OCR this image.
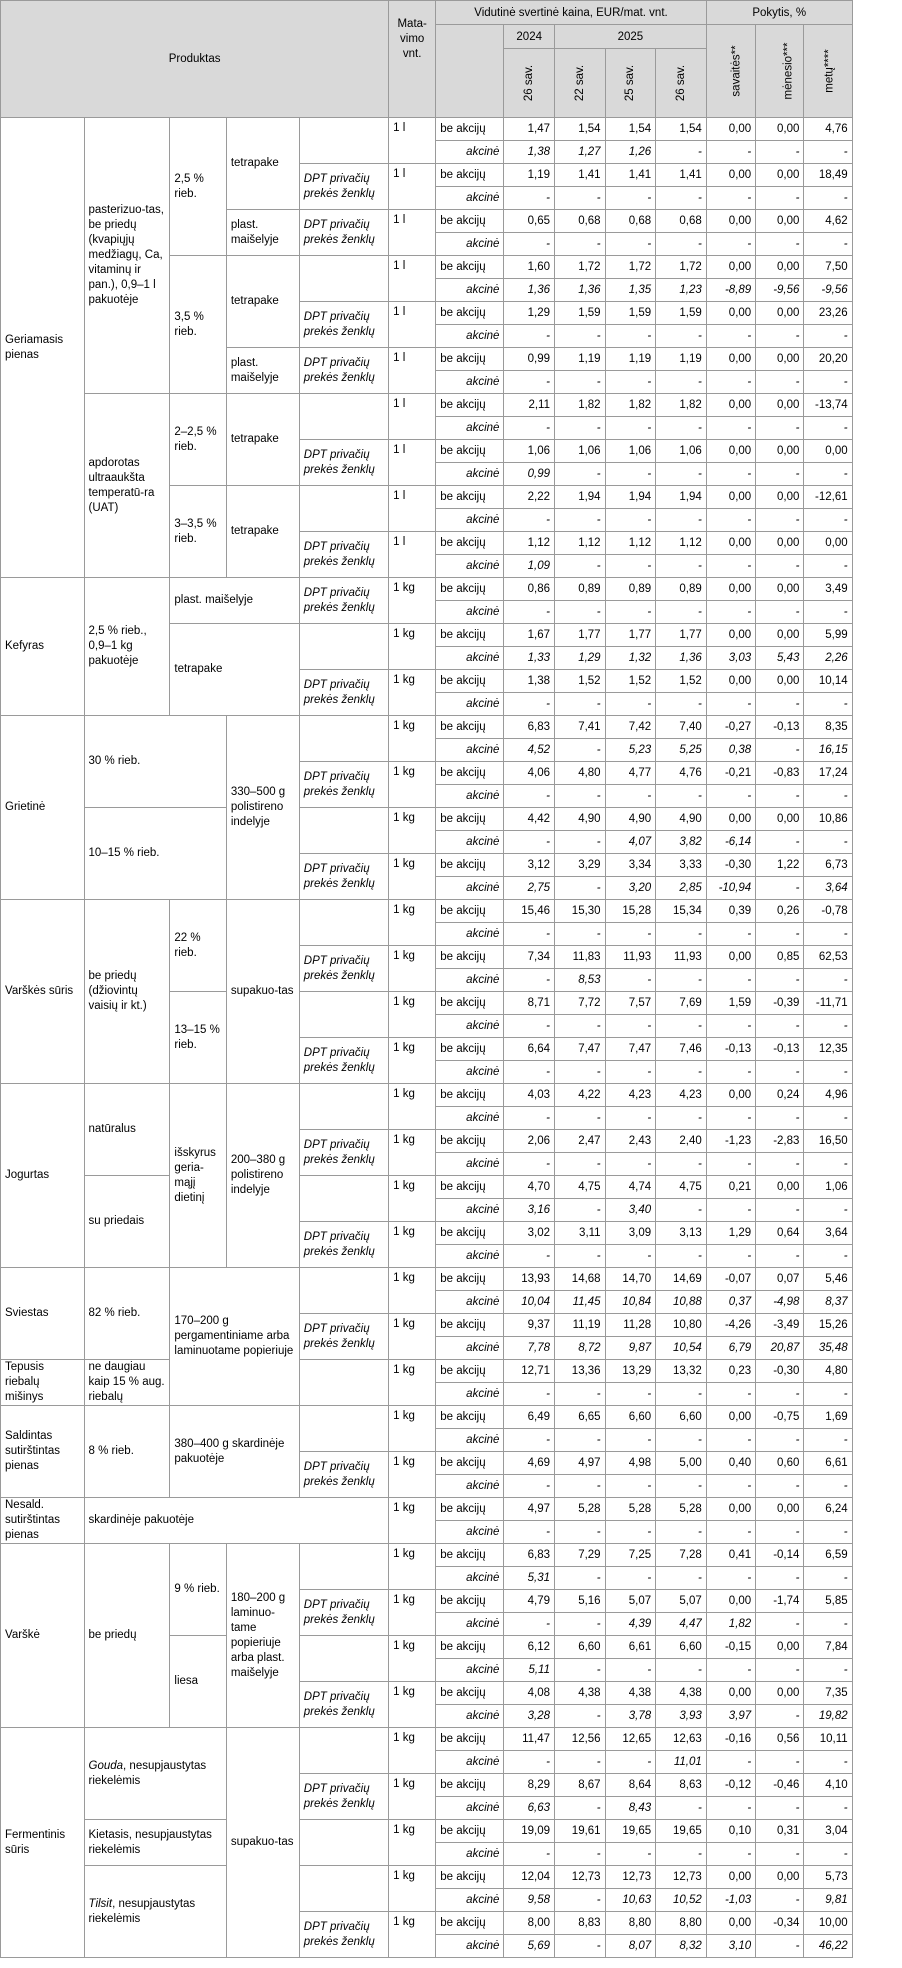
Produktas					Mata-vimo vnt.	Vidutinė svertinė kaina, EUR/mat. vnt.					Pokytis, %		
							2024	2025			savaitės**	mėnesio***	metų****
							26 sav.	22 sav.	25 sav.	26 sav.			
Geriamasis pienas	pasterizuo-tas, be priedų (kvapiųjų medžiagų, Ca, vitaminų ir pan.), 0,9–1 l pakuotėje	2,5 % rieb.	tetrapake		1 l	be akcijų	1,47	1,54	1,54	1,54	0,00	0,00	4,76
						akcinė	1,38	1,27	1,26	-	-	-	-
				DPT privačių prekės ženklų	1 l	be akcijų	1,19	1,41	1,41	1,41	0,00	0,00	18,49
						akcinė	-	-	-	-	-	-	-
			plast. maišelyje	DPT privačių prekės ženklų	1 l	be akcijų	0,65	0,68	0,68	0,68	0,00	0,00	4,62
						akcinė	-	-	-	-	-	-	-
		3,5 % rieb.	tetrapake		1 l	be akcijų	1,60	1,72	1,72	1,72	0,00	0,00	7,50
						akcinė	1,36	1,36	1,35	1,23	-8,89	-9,56	-9,56
				DPT privačių prekės ženklų	1 l	be akcijų	1,29	1,59	1,59	1,59	0,00	0,00	23,26
						akcinė	-	-	-	-	-	-	-
			plast. maišelyje	DPT privačių prekės ženklų	1 l	be akcijų	0,99	1,19	1,19	1,19	0,00	0,00	20,20
						akcinė	-	-	-	-	-	-	-
	apdorotas ultraaukšta temperatū-ra (UAT)	2–2,5 % rieb.	tetrapake		1 l	be akcijų	2,11	1,82	1,82	1,82	0,00	0,00	-13,74
						akcinė	-	-	-	-	-	-	-
				DPT privačių prekės ženklų	1 l	be akcijų	1,06	1,06	1,06	1,06	0,00	0,00	0,00
						akcinė	0,99	-	-	-	-	-	-
		3–3,5 % rieb.	tetrapake		1 l	be akcijų	2,22	1,94	1,94	1,94	0,00	0,00	-12,61
						akcinė	-	-	-	-	-	-	-
				DPT privačių prekės ženklų	1 l	be akcijų	1,12	1,12	1,12	1,12	0,00	0,00	0,00
						akcinė	1,09	-	-	-	-	-	-
Kefyras	2,5 % rieb., 0,9–1 kg pakuotėje	plast. maišelyje		DPT privačių prekės ženklų	1 kg	be akcijų	0,86	0,89	0,89	0,89	0,00	0,00	3,49
						akcinė	-	-	-	-	-	-	-
		tetrapake			1 kg	be akcijų	1,67	1,77	1,77	1,77	0,00	0,00	5,99
						akcinė	1,33	1,29	1,32	1,36	3,03	5,43	2,26
				DPT privačių prekės ženklų	1 kg	be akcijų	1,38	1,52	1,52	1,52	0,00	0,00	10,14
						akcinė	-	-	-	-	-	-	-
Grietinė	30 % rieb.		330–500 g polistireno indelyje		1 kg	be akcijų	6,83	7,41	7,42	7,40	-0,27	-0,13	8,35
						akcinė	4,52	-	5,23	5,25	0,38	-	16,15
				DPT privačių prekės ženklų	1 kg	be akcijų	4,06	4,80	4,77	4,76	-0,21	-0,83	17,24
						akcinė	-	-	-	-	-	-	-
	10–15 % rieb.				1 kg	be akcijų	4,42	4,90	4,90	4,90	0,00	0,00	10,86
						akcinė	-	-	4,07	3,82	-6,14	-	-
				DPT privačių prekės ženklų	1 kg	be akcijų	3,12	3,29	3,34	3,33	-0,30	1,22	6,73
						akcinė	2,75	-	3,20	2,85	-10,94	-	3,64
Varškės sūris	be priedų (džiovintų vaisių ir kt.)	22 % rieb.	supakuo-tas		1 kg	be akcijų	15,46	15,30	15,28	15,34	0,39	0,26	-0,78
						akcinė	-	-	-	-	-	-	-
				DPT privačių prekės ženklų	1 kg	be akcijų	7,34	11,83	11,93	11,93	0,00	0,85	62,53
						akcinė	-	8,53	-	-	-	-	-
		13–15 % rieb.			1 kg	be akcijų	8,71	7,72	7,57	7,69	1,59	-0,39	-11,71
						akcinė	-	-	-	-	-	-	-
				DPT privačių prekės ženklų	1 kg	be akcijų	6,64	7,47	7,47	7,46	-0,13	-0,13	12,35
						akcinė	-	-	-	-	-	-	-
Jogurtas	natūralus	išskyrus geria-mąjį dietinį	200–380 g polistireno indelyje		1 kg	be akcijų	4,03	4,22	4,23	4,23	0,00	0,24	4,96
						akcinė	-	-	-	-	-	-	-
				DPT privačių prekės ženklų	1 kg	be akcijų	2,06	2,47	2,43	2,40	-1,23	-2,83	16,50
						akcinė	-	-	-	-	-	-	-
	su priedais				1 kg	be akcijų	4,70	4,75	4,74	4,75	0,21	0,00	1,06
						akcinė	3,16	-	3,40	-	-	-	-
				DPT privačių prekės ženklų	1 kg	be akcijų	3,02	3,11	3,09	3,13	1,29	0,64	3,64
						akcinė	-	-	-	-	-	-	-
Sviestas	82 % rieb.	170–200 g pergamentiniame arba laminuotame popieriuje			1 kg	be akcijų	13,93	14,68	14,70	14,69	-0,07	0,07	5,46
						akcinė	10,04	11,45	10,84	10,88	0,37	-4,98	8,37
				DPT privačių prekės ženklų	1 kg	be akcijų	9,37	11,19	11,28	10,80	-4,26	-3,49	15,26
						akcinė	7,78	8,72	9,87	10,54	6,79	20,87	35,48
Tepusis riebalų mišinys	ne daugiau kaip 15 % aug. riebalų				1 kg	be akcijų	12,71	13,36	13,29	13,32	0,23	-0,30	4,80
						akcinė	-	-	-	-	-	-	-
Saldintas sutirštintas pienas	8 % rieb.	380–400 g skardinėje pakuotėje			1 kg	be akcijų	6,49	6,65	6,60	6,60	0,00	-0,75	1,69
						akcinė	-	-	-	-	-	-	-
				DPT privačių prekės ženklų	1 kg	be akcijų	4,69	4,97	4,98	5,00	0,40	0,60	6,61
						akcinė	-	-	-	-	-	-	-
Nesald. sutirštintas pienas	skardinėje pakuotėje				1 kg	be akcijų	4,97	5,28	5,28	5,28	0,00	0,00	6,24
						akcinė	-	-	-	-	-	-	-
Varškė	be priedų	9 % rieb.	180–200 g laminuo-tame popieriuje arba plast. maišelyje		1 kg	be akcijų	6,83	7,29	7,25	7,28	0,41	-0,14	6,59
						akcinė	5,31	-	-	-	-	-	-
				DPT privačių prekės ženklų	1 kg	be akcijų	4,79	5,16	5,07	5,07	0,00	-1,74	5,85
						akcinė	-	-	4,39	4,47	1,82	-	-
		liesa			1 kg	be akcijų	6,12	6,60	6,61	6,60	-0,15	0,00	7,84
						akcinė	5,11	-	-	-	-	-	-
				DPT privačių prekės ženklų	1 kg	be akcijų	4,08	4,38	4,38	4,38	0,00	0,00	7,35
						akcinė	3,28	-	3,78	3,93	3,97	-	19,82
Fermentinis sūris	Gouda, nesupjaustytas riekelėmis		supakuo-tas		1 kg	be akcijų	11,47	12,56	12,65	12,63	-0,16	0,56	10,11
						akcinė	-	-	-	11,01	-	-	-
				DPT privačių prekės ženklų	1 kg	be akcijų	8,29	8,67	8,64	8,63	-0,12	-0,46	4,10
						akcinė	6,63	-	8,43	-	-	-	-
	Kietasis, nesupjaustytas riekelėmis				1 kg	be akcijų	19,09	19,61	19,65	19,65	0,10	0,31	3,04
						akcinė	-	-	-	-	-	-	-
	Tilsit, nesupjaustytas riekelėmis				1 kg	be akcijų	12,04	12,73	12,73	12,73	0,00	0,00	5,73
						akcinė	9,58	-	10,63	10,52	-1,03	-	9,81
				DPT privačių prekės ženklų	1 kg	be akcijų	8,00	8,83	8,80	8,80	0,00	-0,34	10,00
						akcinė	5,69	-	8,07	8,32	3,10	-	46,22
